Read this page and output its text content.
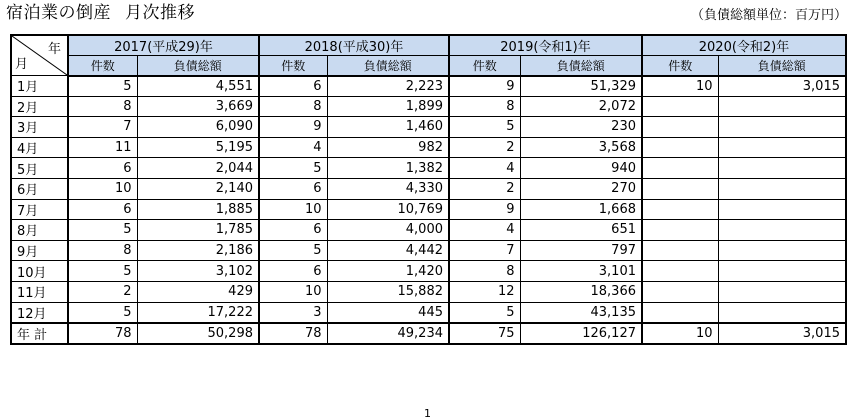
宿泊業の倒産 月次推移	（負債総額単位：百万円）
年
月	2017(平成29)年		2018(平成30)年		2019(令和1)年		2020(令和2)年	
	件数	負債総額	件数	負債総額	件数	負債総額	件数	負債総額
1月	5	4,551	6	2,223	9	51,329	10	3,015
2月	8	3,669	8	1,899	8	2,072		
3月	7	6,090	9	1,460	5	230		
4月	11	5,195	4	982	2	3,568		
5月	6	2,044	5	1,382	4	940		
6月	10	2,140	6	4,330	2	270		
7月	6	1,885	10	10,769	9	1,668		
8月	5	1,785	6	4,000	4	651		
9月	8	2,186	5	4,442	7	797		
10月	5	3,102	6	1,420	8	3,101		
11月	2	429	10	15,882	12	18,366		
12月	5	17,222	3	445	5	43,135		
年 計	78	50,298	78	49,234	75	126,127	10	3,015
1
